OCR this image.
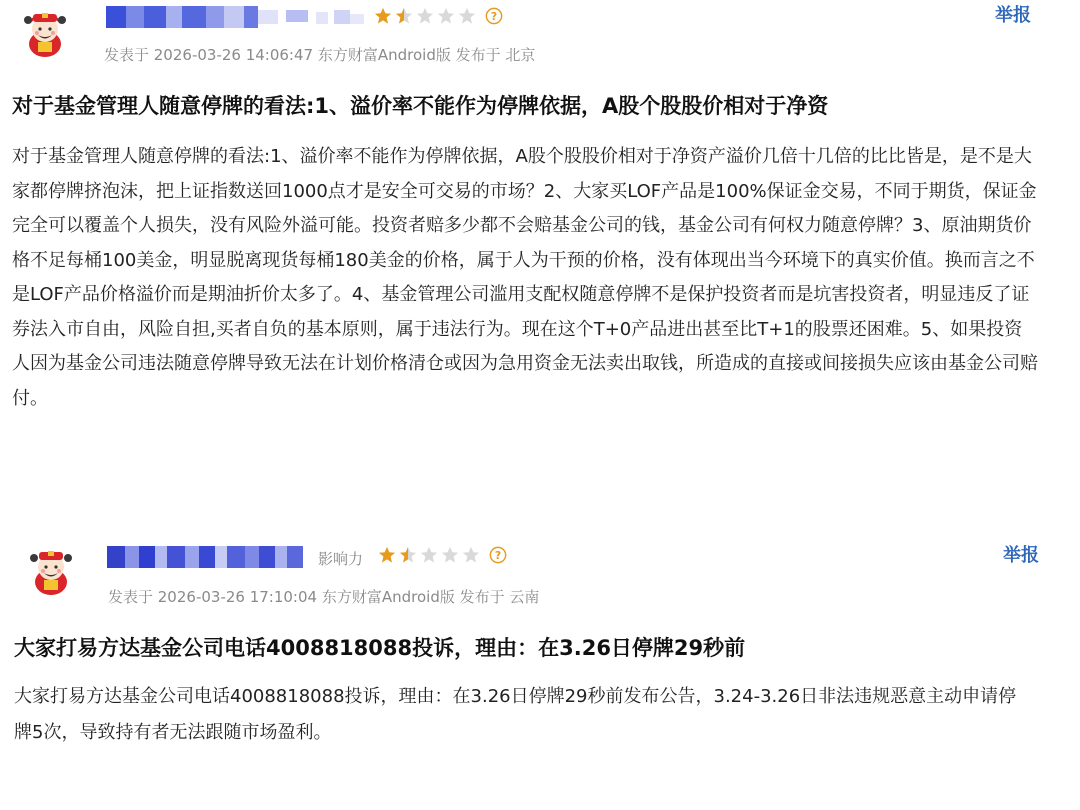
?	举报
发表于 2026-03-26 14:06:47 东方财富Android版 发布于 北京
对于基金管理人随意停牌的看法:1、溢价率不能作为停牌依据，A股个股股价相对于净资
对于基金管理人随意停牌的看法:1、溢价率不能作为停牌依据，A股个股股价相对于净资产溢价几倍十几倍的比比皆是，是不是大家都停牌挤泡沫，把上证指数送回1000点才是安全可交易的市场？2、大家买LOF产品是100%保证金交易，不同于期货，保证金完全可以覆盖个人损失，没有风险外溢可能。投资者赔多少都不会赔基金公司的钱，基金公司有何权力随意停牌？3、原油期货价格不足每桶100美金，明显脱离现货每桶180美金的价格，属于人为干预的价格，没有体现出当今环境下的真实价值。换而言之不是LOF产品价格溢价而是期油折价太多了。4、基金管理公司滥用支配权随意停牌不是保护投资者而是坑害投资者，明显违反了证券法入市自由，风险自担,买者自负的基本原则，属于违法行为。现在这个T+0产品进出甚至比T+1的股票还困难。5、如果投资人因为基金公司违法随意停牌导致无法在计划价格清仓或因为急用资金无法卖出取钱，所造成的直接或间接损失应该由基金公司赔付。
影响力	?	举报
发表于 2026-03-26 17:10:04 东方财富Android版 发布于 云南
大家打易方达基金公司电话4008818088投诉，理由：在3.26日停牌29秒前
大家打易方达基金公司电话4008818088投诉，理由：在3.26日停牌29秒前发布公告，3.24-3.26日非法违规恶意主动申请停牌5次，导致持有者无法跟随市场盈利。
